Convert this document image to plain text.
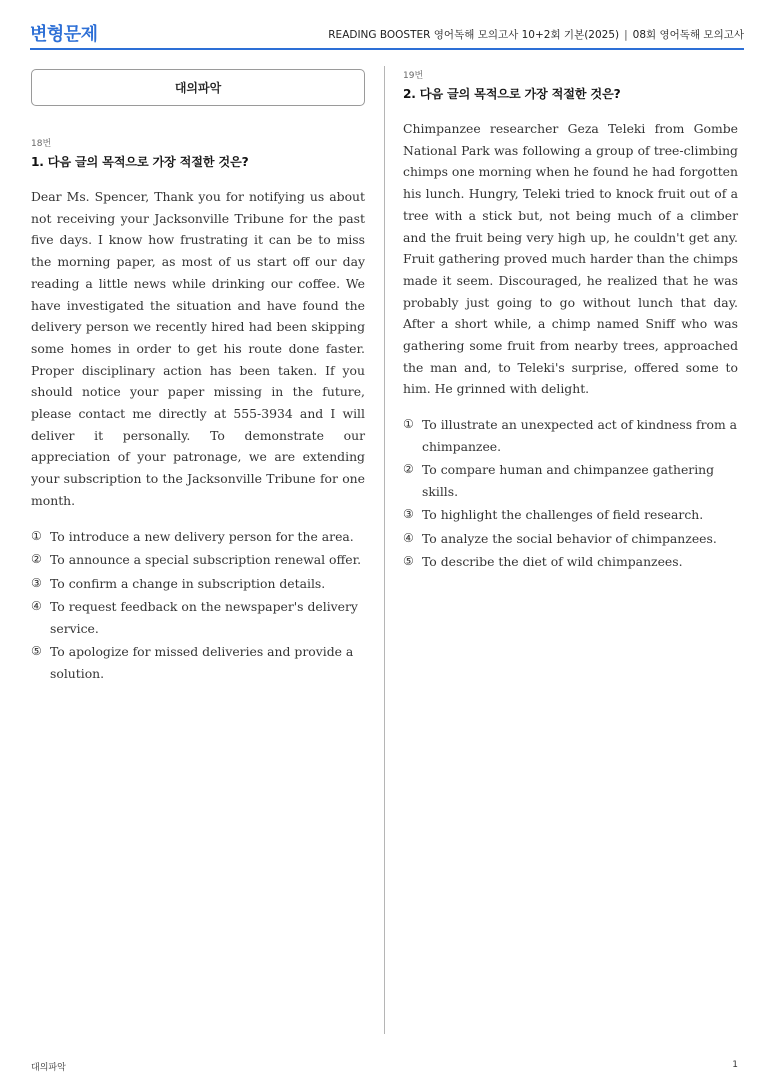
변형문제	READING BOOSTER 영어독해 모의고사 10+2회 기본(2025) | 08회 영어독해 모의고사
대의파악
18번
1. 다음 글의 목적으로 가장 적절한 것은?

Dear Ms. Spencer, Thank you for notifying us about not receiving your Jacksonville Tribune for the past five days. I know how frustrating it can be to miss the morning paper, as most of us start off our day reading a little news while drinking our coffee. We have investigated the situation and have found the delivery person we recently hired had been skipping some homes in order to get his route done faster. Proper disciplinary action has been taken. If you should notice your paper missing in the future, please contact me directly at 555-3934 and I will deliver it personally. To demonstrate our appreciation of your patronage, we are extending your subscription to the Jacksonville Tribune for one month.

① To introduce a new delivery person for the area.
② To announce a special subscription renewal offer.
③ To confirm a change in subscription details.
④ To request feedback on the newspaper's delivery service.
⑤ To apologize for missed deliveries and provide a solution.
19번
2. 다음 글의 목적으로 가장 적절한 것은?

Chimpanzee researcher Geza Teleki from Gombe National Park was following a group of tree-climbing chimps one morning when he found he had forgotten his lunch. Hungry, Teleki tried to knock fruit out of a tree with a stick but, not being much of a climber and the fruit being very high up, he couldn't get any. Fruit gathering proved much harder than the chimps made it seem. Discouraged, he realized that he was probably just going to go without lunch that day. After a short while, a chimp named Sniff who was gathering some fruit from nearby trees, approached the man and, to Teleki's surprise, offered some to him. He grinned with delight.

① To illustrate an unexpected act of kindness from a chimpanzee.
② To compare human and chimpanzee gathering skills.
③ To highlight the challenges of field research.
④ To analyze the social behavior of chimpanzees.
⑤ To describe the diet of wild chimpanzees.
대의파악	1
